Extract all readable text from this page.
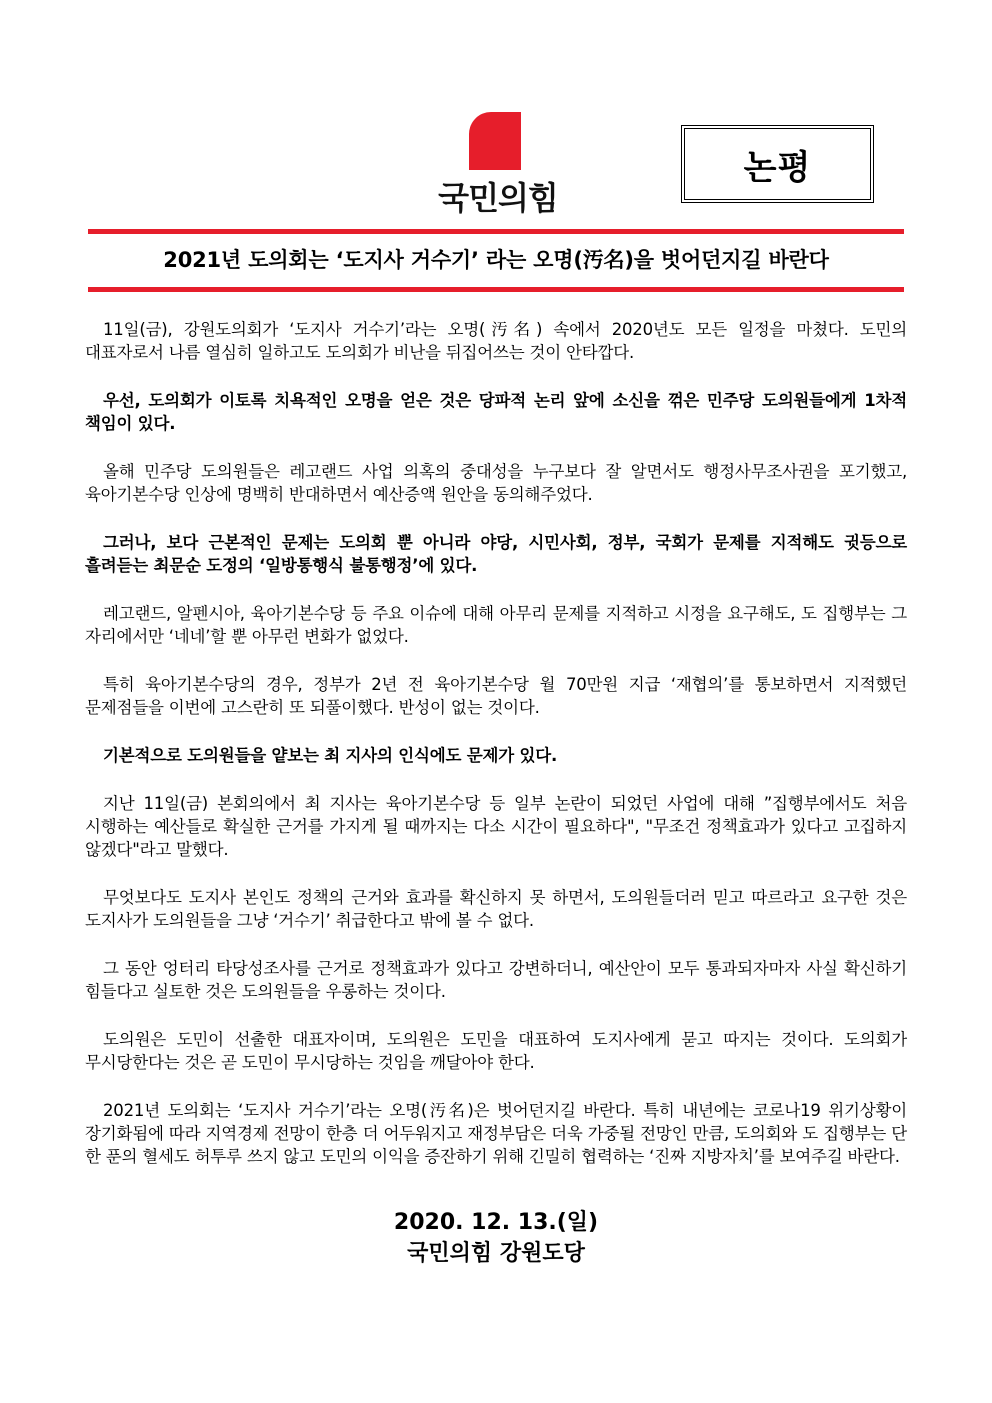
국민의힘
논평
2021년 도의회는 ‘도지사 거수기’ 라는 오명(汚名)을 벗어던지길 바란다

11일(금), 강원도의회가 ‘도지사 거수기’라는 오명(汚名) 속에서 2020년도 모든 일정을 마쳤다. 도민의 대표자로서 나름 열심히 일하고도 도의회가 비난을 뒤집어쓰는 것이 안타깝다.

우선, 도의회가 이토록 치욕적인 오명을 얻은 것은 당파적 논리 앞에 소신을 꺾은 민주당 도의원들에게 1차적 책임이 있다.

올해 민주당 도의원들은 레고랜드 사업 의혹의 중대성을 누구보다 잘 알면서도 행정사무조사권을 포기했고, 육아기본수당 인상에 명백히 반대하면서 예산증액 원안을 동의해주었다.

그러나, 보다 근본적인 문제는 도의회 뿐 아니라 야당, 시민사회, 정부, 국회가 문제를 지적해도 귓등으로 흘려듣는 최문순 도정의 ‘일방통행식 불통행정’에 있다.

레고랜드, 알펜시아, 육아기본수당 등 주요 이슈에 대해 아무리 문제를 지적하고 시정을 요구해도, 도 집행부는 그 자리에서만 ‘네네’할 뿐 아무런 변화가 없었다.

특히 육아기본수당의 경우, 정부가 2년 전 육아기본수당 월 70만원 지급 ‘재협의’를 통보하면서 지적했던 문제점들을 이번에 고스란히 또 되풀이했다. 반성이 없는 것이다.

기본적으로 도의원들을 얕보는 최 지사의 인식에도 문제가 있다.

지난 11일(금) 본회의에서 최 지사는 육아기본수당 등 일부 논란이 되었던 사업에 대해 ”집행부에서도 처음 시행하는 예산들로 확실한 근거를 가지게 될 때까지는 다소 시간이 필요하다", "무조건 정책효과가 있다고 고집하지 않겠다"라고 말했다.

무엇보다도 도지사 본인도 정책의 근거와 효과를 확신하지 못 하면서, 도의원들더러 믿고 따르라고 요구한 것은 도지사가 도의원들을 그냥 ‘거수기’ 취급한다고 밖에 볼 수 없다.

그 동안 엉터리 타당성조사를 근거로 정책효과가 있다고 강변하더니, 예산안이 모두 통과되자마자 사실 확신하기 힘들다고 실토한 것은 도의원들을 우롱하는 것이다.

도의원은 도민이 선출한 대표자이며, 도의원은 도민을 대표하여 도지사에게 묻고 따지는 것이다. 도의회가 무시당한다는 것은 곧 도민이 무시당하는 것임을 깨달아야 한다.

2021년 도의회는 ‘도지사 거수기’라는 오명(汚名)은 벗어던지길 바란다. 특히 내년에는 코로나19 위기상황이 장기화됨에 따라 지역경제 전망이 한층 더 어두워지고 재정부담은 더욱 가중될 전망인 만큼, 도의회와 도 집행부는 단 한 푼의 혈세도 허투루 쓰지 않고 도민의 이익을 증잔하기 위해 긴밀히 협력하는 ‘진짜 지방자치’를 보여주길 바란다.

2020. 12. 13.(일)
국민의힘 강원도당
